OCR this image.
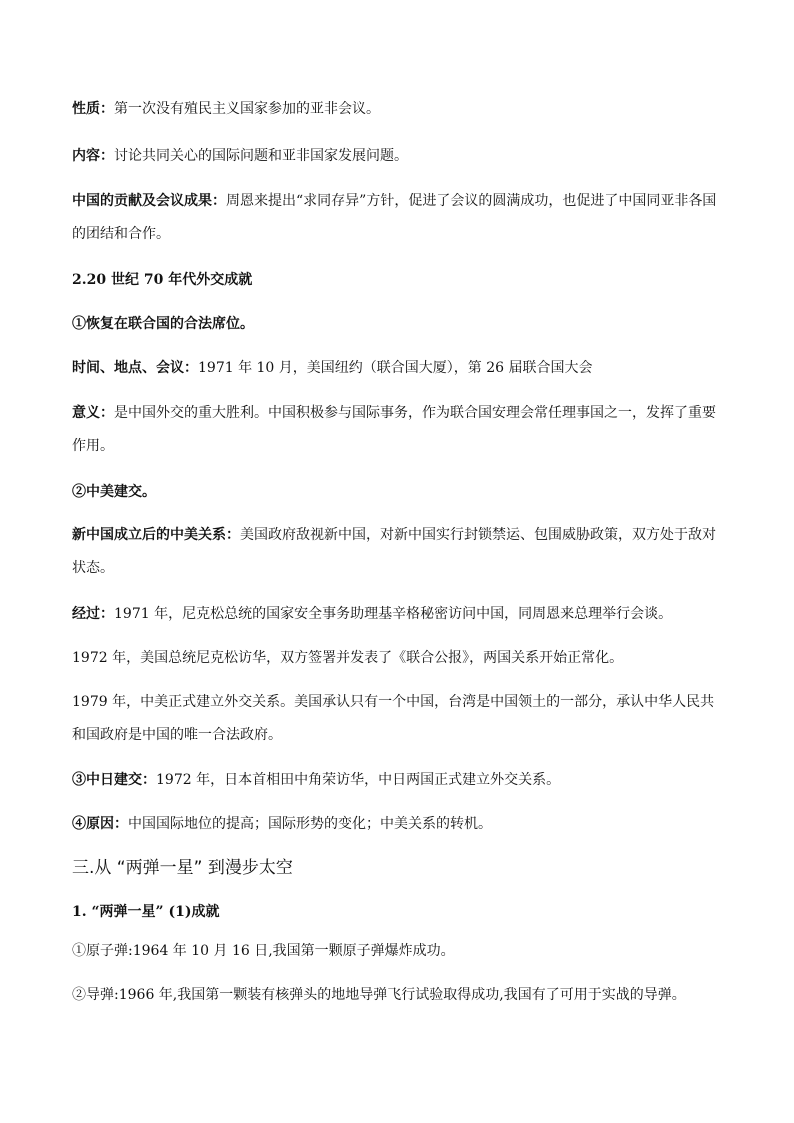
性质：第一次没有殖民主义国家参加的亚非会议。

内容：讨论共同关心的国际问题和亚非国家发展问题。

中国的贡献及会议成果：周恩来提出“求同存异”方针，促进了会议的圆满成功，也促进了中国同亚非各国的团结和合作。

2.20 世纪 70 年代外交成就

①恢复在联合国的合法席位。

时间、地点、会议：1971 年 10 月，美国纽约（联合国大厦），第 26 届联合国大会

意义：是中国外交的重大胜利。中国积极参与国际事务，作为联合国安理会常任理事国之一，发挥了重要作用。

②中美建交。

新中国成立后的中美关系：美国政府敌视新中国，对新中国实行封锁禁运、包围威胁政策，双方处于敌对状态。

经过：1971 年，尼克松总统的国家安全事务助理基辛格秘密访问中国，同周恩来总理举行会谈。

1972 年，美国总统尼克松访华，双方签署并发表了《联合公报》，两国关系开始正常化。

1979 年，中美正式建立外交关系。美国承认只有一个中国，台湾是中国领土的一部分，承认中华人民共和国政府是中国的唯一合法政府。

③中日建交：1972 年，日本首相田中角荣访华，中日两国正式建立外交关系。

④原因：中国国际地位的提高；国际形势的变化；中美关系的转机。

三.从 “两弹一星” 到漫步太空

1. “两弹一星” (1)成就

①原子弹:1964 年 10 月 16 日,我国第一颗原子弹爆炸成功。

②导弹:1966 年,我国第一颗装有核弹头的地地导弹飞行试验取得成功,我国有了可用于实战的导弹。
